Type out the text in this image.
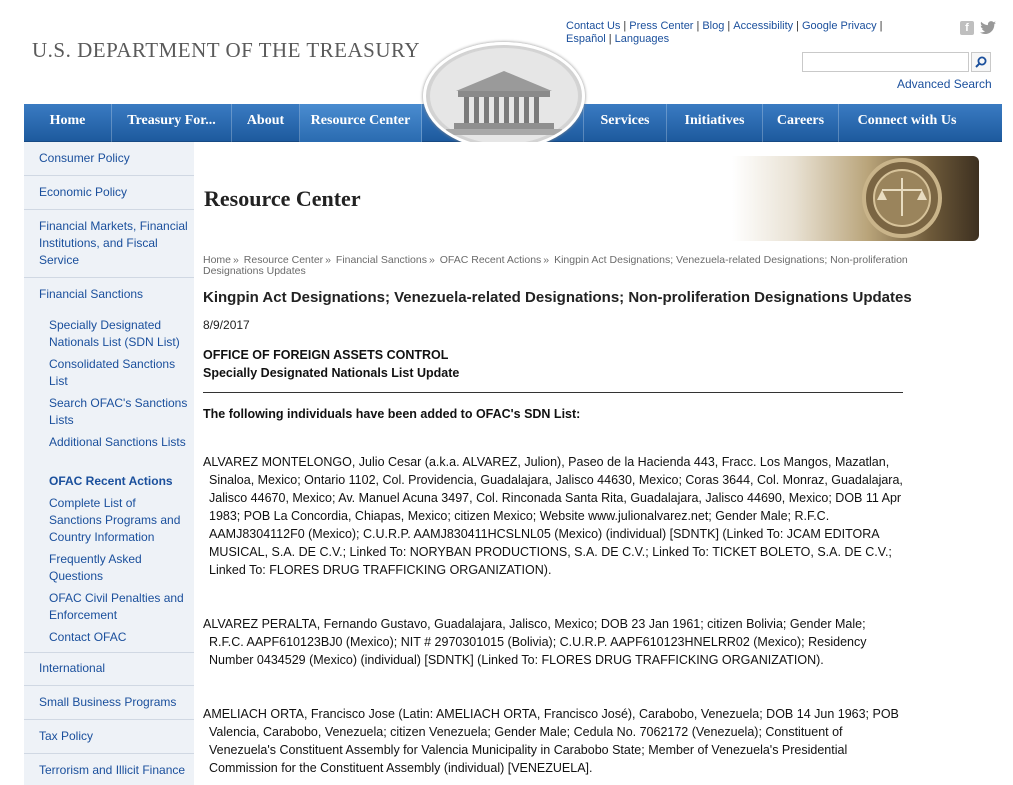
U.S. DEPARTMENT OF THE TREASURY
Contact Us | Press Center | Blog | Accessibility | Google Privacy |
Español | Languages
f
Advanced Search
Home	Treasury For...	About	Resource Center	Services	Initiatives	Careers	Connect with Us
Consumer Policy
Economic Policy
Financial Markets, Financial Institutions, and Fiscal Service
Financial Sanctions
Specially Designated Nationals List (SDN List)
Consolidated Sanctions List
Search OFAC's Sanctions Lists
Additional Sanctions Lists
OFAC Recent Actions
Complete List of Sanctions Programs and Country Information
Frequently Asked Questions
OFAC Civil Penalties and Enforcement
Contact OFAC
International
Small Business Programs
Tax Policy
Terrorism and Illicit Finance
Resource Center
Home » Resource Center » Financial Sanctions » OFAC Recent Actions » Kingpin Act Designations; Venezuela-related Designations; Non-proliferation Designations Updates
Kingpin Act Designations; Venezuela-related Designations; Non-proliferation Designations Updates
8/9/2017
OFFICE OF FOREIGN ASSETS CONTROL
Specially Designated Nationals List Update
The following individuals have been added to OFAC's SDN List:
ALVAREZ MONTELONGO, Julio Cesar (a.k.a. ALVAREZ, Julion), Paseo de la Hacienda 443, Fracc. Los Mangos, Mazatlan, Sinaloa, Mexico; Ontario 1102, Col. Providencia, Guadalajara, Jalisco 44630, Mexico; Coras 3644, Col. Monraz, Guadalajara, Jalisco 44670, Mexico; Av. Manuel Acuna 3497, Col. Rinconada Santa Rita, Guadalajara, Jalisco 44690, Mexico; DOB 11 Apr 1983; POB La Concordia, Chiapas, Mexico; citizen Mexico; Website www.julionalvarez.net; Gender Male; R.F.C. AAMJ8304112F0 (Mexico); C.U.R.P. AAMJ830411HCSLNL05 (Mexico) (individual) [SDNTK] (Linked To: JCAM EDITORA MUSICAL, S.A. DE C.V.; Linked To: NORYBAN PRODUCTIONS, S.A. DE C.V.; Linked To: TICKET BOLETO, S.A. DE C.V.; Linked To: FLORES DRUG TRAFFICKING ORGANIZATION).
ALVAREZ PERALTA, Fernando Gustavo, Guadalajara, Jalisco, Mexico; DOB 23 Jan 1961; citizen Bolivia; Gender Male; R.F.C. AAPF610123BJ0 (Mexico); NIT # 2970301015 (Bolivia); C.U.R.P. AAPF610123HNELRR02 (Mexico); Residency Number 0434529 (Mexico) (individual) [SDNTK] (Linked To: FLORES DRUG TRAFFICKING ORGANIZATION).
AMELIACH ORTA, Francisco Jose (Latin: AMELIACH ORTA, Francisco José), Carabobo, Venezuela; DOB 14 Jun 1963; POB Valencia, Carabobo, Venezuela; citizen Venezuela; Gender Male; Cedula No. 7062172 (Venezuela); Constituent of Venezuela's Constituent Assembly for Valencia Municipality in Carabobo State; Member of Venezuela's Presidential Commission for the Constituent Assembly (individual) [VENEZUELA].
